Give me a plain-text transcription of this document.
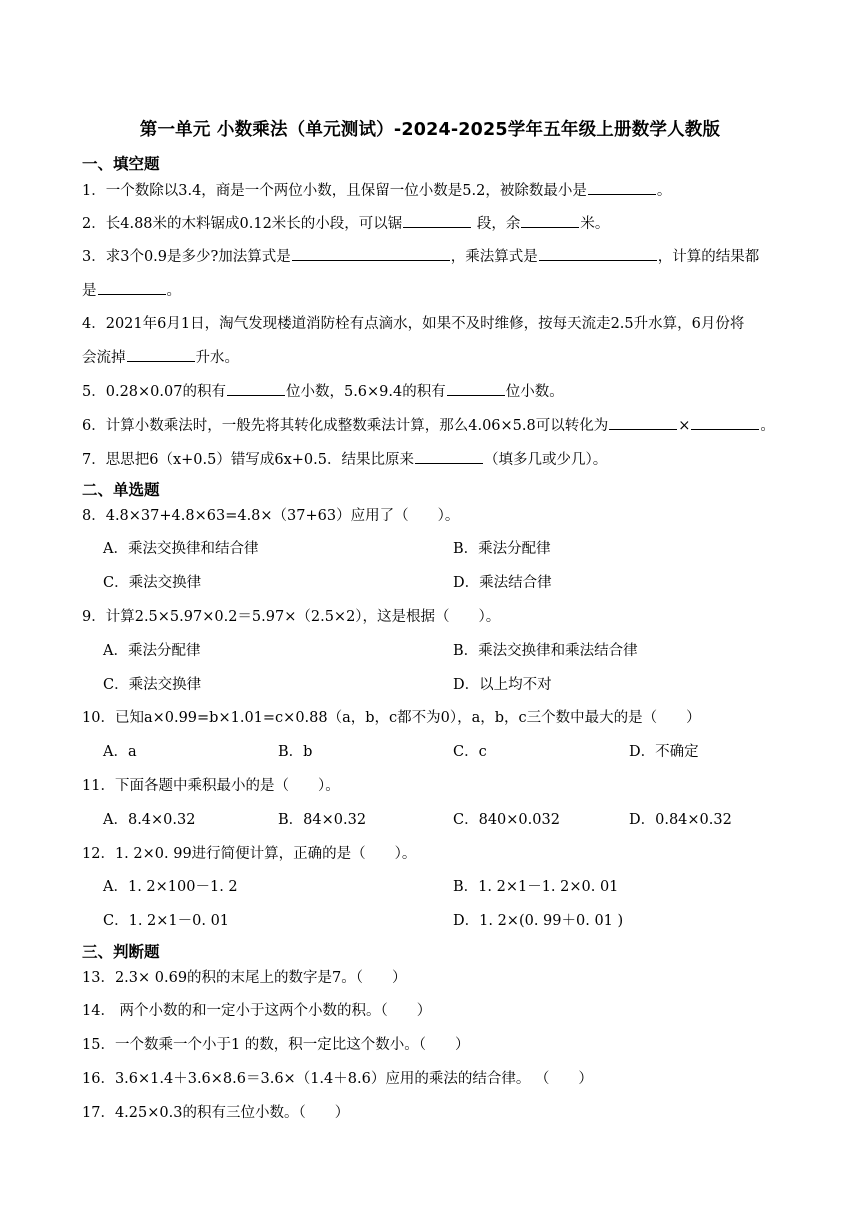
第一单元 小数乘法（单元测试）-2024-2025学年五年级上册数学人教版
一、填空题
1．一个数除以3.4，商是一个两位小数，且保留一位小数是5.2，被除数最小是	。
2．长4.88米的木料锯成0.12米长的小段，可以锯	段，余	米。
3．求3个0.9是多少?加法算式是	，乘法算式是	，计算的结果都
是	。
4．2021年6月1日，淘气发现楼道消防栓有点滴水，如果不及时维修，按每天流走2.5升水算，6月份将
会流掉	升水。
5．0.28×0.07的积有	位小数，5.6×9.4的积有	位小数。
6．计算小数乘法时，一般先将其转化成整数乘法计算，那么4.06×5.8可以转化为	×	。
7．思思把6（x+0.5）错写成6x+0.5．结果比原来	（填多几或少几）。
二、单选题
8．4.8×37+4.8×63=4.8×（37+63）应用了（　　）。
A．乘法交换律和结合律	B．乘法分配律
C．乘法交换律	D．乘法结合律
9．计算2.5×5.97×0.2＝5.97×（2.5×2），这是根据（　　）。
A．乘法分配律	B．乘法交换律和乘法结合律
C．乘法交换律	D．以上均不对
10．已知a×0.99=b×1.01=c×0.88（a，b，c都不为0），a，b，c三个数中最大的是（　　）
A．a	B．b	C．c	D．不确定
11．下面各题中乘积最小的是（　　）。
A．8.4×0.32	B．84×0.32	C．840×0.032	D．0.84×0.32
12．1. 2×0. 99进行简便计算，正确的是（　　）。
A．1. 2×100－1. 2	B．1. 2×1－1. 2×0. 01
C．1. 2×1－0. 01	D．1. 2×(0. 99＋0. 01 )
三、判断题
13．2.3× 0.69的积的末尾上的数字是7。（　　）
14． 两个小数的和一定小于这两个小数的积。（　　）
15．一个数乘一个小于1 的数，积一定比这个数小。（　　）
16．3.6×1.4＋3.6×8.6＝3.6×（1.4＋8.6）应用的乘法的结合律。 （　　）
17．4.25×0.3的积有三位小数。（　　）
